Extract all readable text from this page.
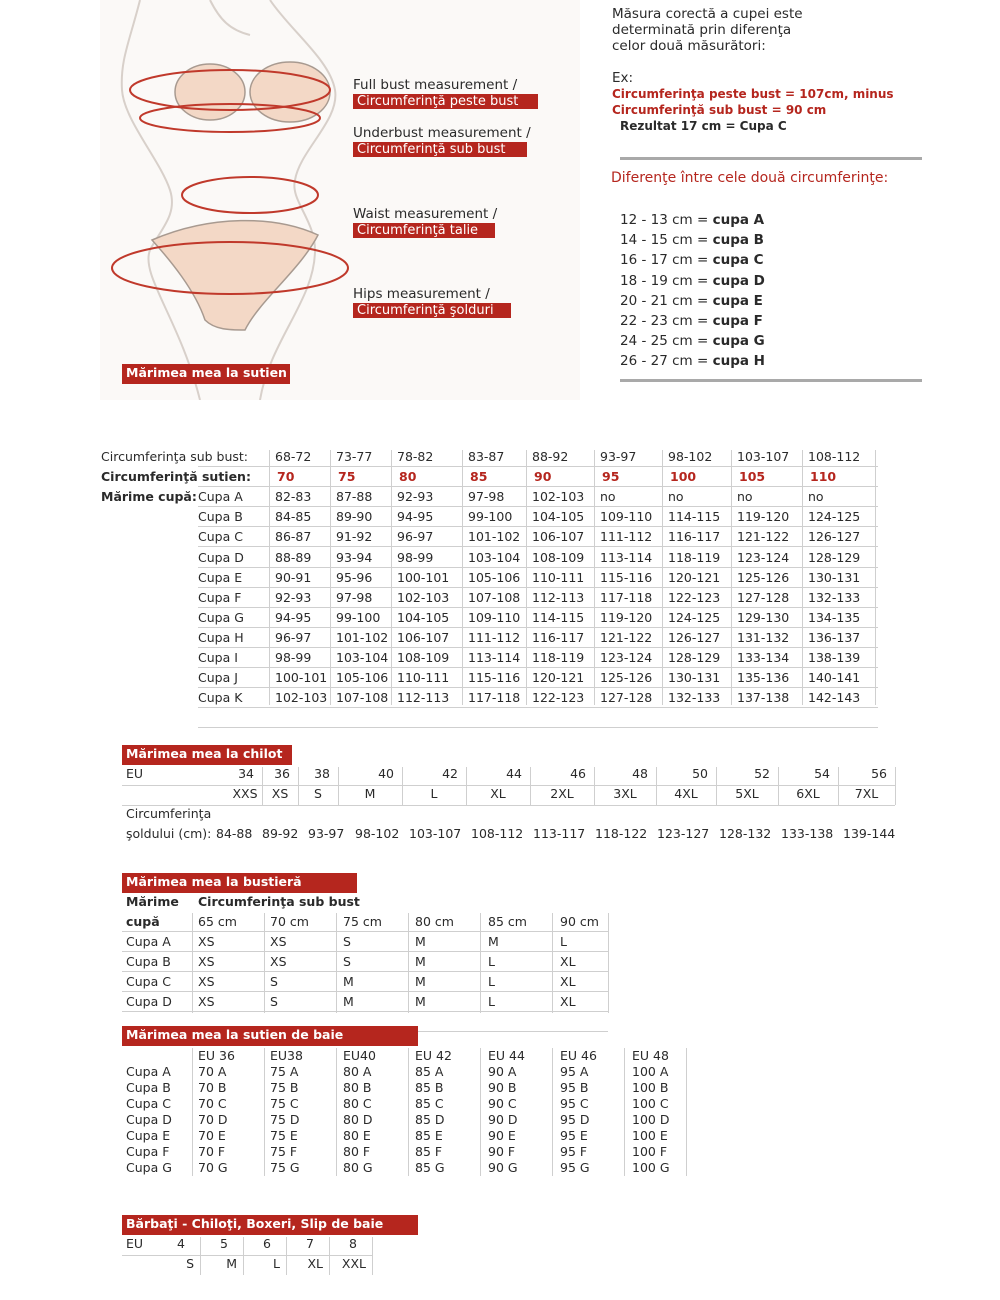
Full bust measurement /
Circumferinţă peste bust
Underbust measurement /
Circumferinţă sub bust
Waist measurement /
Circumferinţă talie
Hips measurement /
Circumferinţă şolduri
Mărimea mea la sutien
Măsura corectă a cupei este
determinată prin diferenţa
celor două măsurători:
Ex:
Circumferinţa peste bust = 107cm, minus
Circumferinţă sub bust = 90 cm
Rezultat 17 cm = Cupa C
Diferenţe între cele două circumferinţe:
12 - 13 cm = cupa A
14 - 15 cm = cupa B
16 - 17 cm = cupa C
18 - 19 cm = cupa D
20 - 21 cm = cupa E
22 - 23 cm = cupa F
24 - 25 cm = cupa G
26 - 27 cm = cupa H
Circumferinţa sub bust: 68-72 73-77 78-82	83-87 88-92	93-97	98-102 103-107 108-112
Circumferinţă sutien: 70	75	80	85	90	95	100	105	110
Mărime cupă: Cupa A	82-83 87-88 92-93	97-98 102-103 no	no	no	no
Cupa B	84-85 89-90 94-95	99-100 104-105 109-110 114-115 119-120 124-125
Cupa C	86-87 91-92 96-97	101-102 106-107 111-112 116-117 121-122 126-127
Cupa D 88-89 93-94 98-99	103-104 108-109 113-114 118-119 123-124 128-129
Cupa E	90-91 95-96 100-101 105-106 110-111 115-116 120-121 125-126 130-131
Cupa F	92-93 97-98 102-103 107-108 112-113 117-118 122-123 127-128 132-133
Cupa G 94-95 99-100 104-105 109-110 114-115 119-120 124-125 129-130 134-135
Cupa H	96-97 101-102 106-107 111-112 116-117 121-122 126-127 131-132 136-137
Cupa I	98-99 103-104 108-109 113-114 118-119 123-124 128-129 133-134 138-139
Cupa J	100-101 105-106 110-111 115-116 120-121 125-126 130-131 135-136 140-141
Cupa K	102-103 107-108 112-113 117-118 122-123 127-128 132-133 137-138 142-143
Mărimea mea la chilot
EU	34	36	38	40	42	44	46	48	50	52	54	56
XXS	XS	S	M	L	XL	2XL	3XL	4XL	5XL	6XL	7XL
Circumferinţa
şoldului (cm): 84-88 89-92 93-97 98-102 103-107 108-112 113-117 118-122 123-127 128-132 133-138 139-144
Mărimea mea la bustieră
Mărime Circumferinţa sub bust
cupă	65 cm	70 cm	75 cm	80 cm	85 cm	90 cm
Cupa A XS	XS	S	M	M	L
Cupa B XS	XS	S	M	L	XL
Cupa C XS	S	M	M	L	XL
Cupa D XS	S	M	M	L	XL
Mărimea mea la sutien de baie
EU 36	EU38	EU40	EU 42	EU 44	EU 46	EU 48
Cupa A 70 A	75 A	80 A	85 A	90 A	95 A	100 A
Cupa B 70 B	75 B	80 B	85 B	90 B	95 B	100 B
Cupa C 70 C	75 C	80 C	85 C	90 C	95 C	100 C
Cupa D 70 D	75 D	80 D	85 D	90 D	95 D	100 D
Cupa E 70 E	75 E	80 E	85 E	90 E	95 E	100 E
Cupa F 70 F	75 F	80 F	85 F	90 F	95 F	100 F
Cupa G 70 G	75 G	80 G	85 G	90 G	95 G	100 G
Bărbaţi - Chiloţi, Boxeri, Slip de baie
EU	4	5	6	7	8
S	M	L	XL	XXL
